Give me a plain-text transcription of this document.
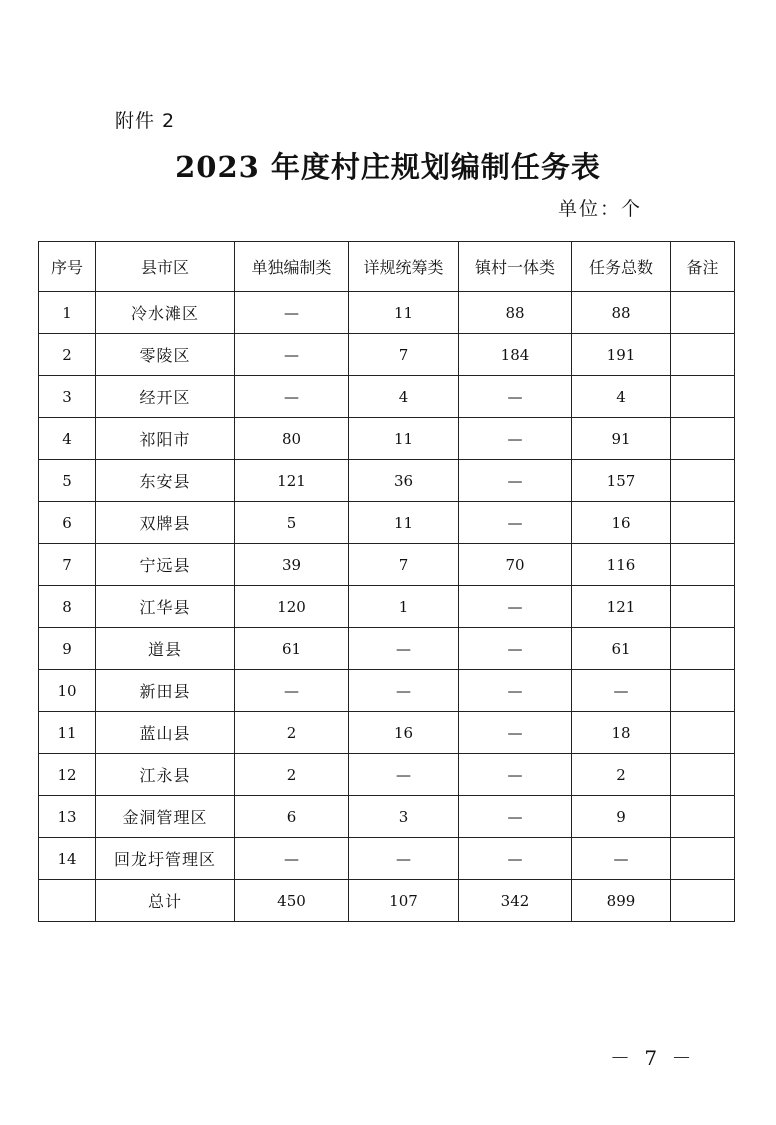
附件 2
2023 年度村庄规划编制任务表
单位：个
序号	县市区	单独编制类	详规统筹类	镇村一体类	任务总数	备注
1	冷水滩区	—	11	88	88	
2	零陵区	—	7	184	191	
3	经开区	—	4	—	4	
4	祁阳市	80	11	—	91	
5	东安县	121	36	—	157	
6	双牌县	5	11	—	16	
7	宁远县	39	7	70	116	
8	江华县	120	1	—	121	
9	道县	61	—	—	61	
10	新田县	—	—	—	—	
11	蓝山县	2	16	—	18	
12	江永县	2	—	—	2	
13	金洞管理区	6	3	—	9	
14	回龙圩管理区	—	—	—	—	
	总计	450	107	342	899	
－ 7 －
